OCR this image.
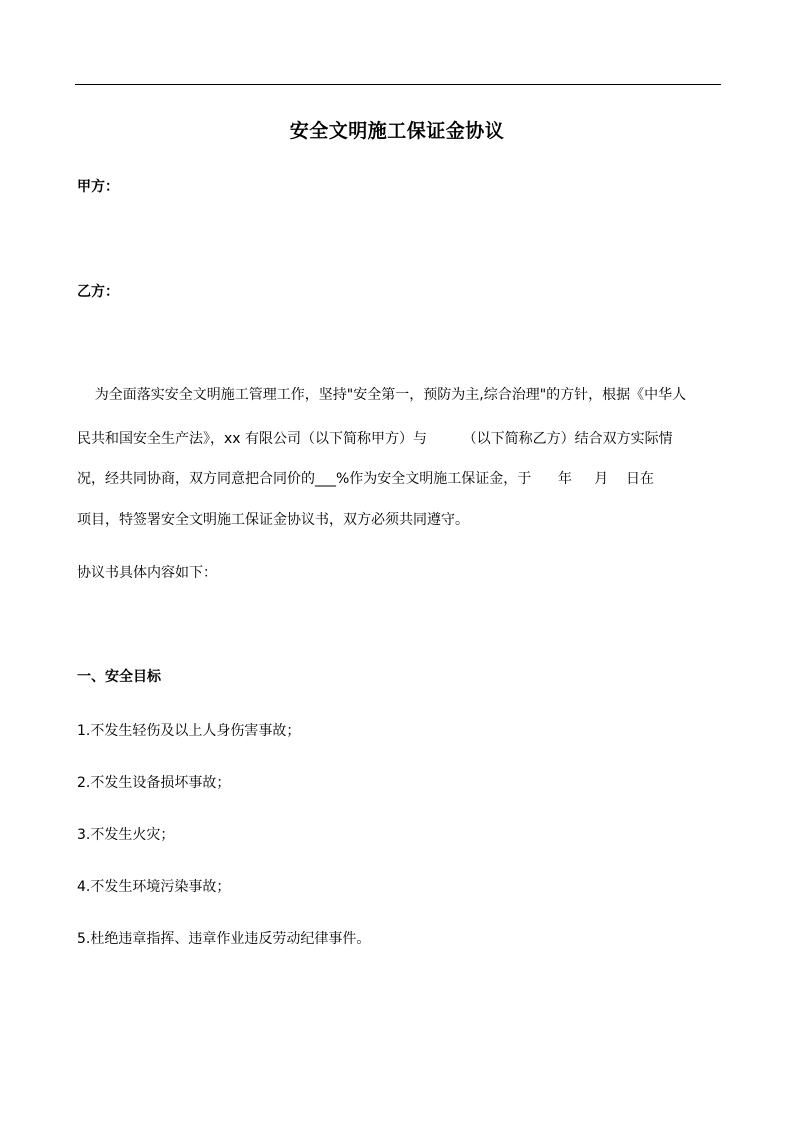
安全文明施工保证金协议
甲方：
乙方：
为全面落实安全文明施工管理工作，坚持"安全第一，预防为主,综合治理"的方针，根据《中华人
民共和国安全生产法》，xx 有限公司（以下简称甲方）与        （以下简称乙方）结合双方实际情
况，经共同协商，双方同意把合同价的___%作为安全文明施工保证金，于      年     月    日在
项目，特签署安全文明施工保证金协议书，双方必须共同遵守。
协议书具体内容如下：
一、安全目标
1.不发生轻伤及以上人身伤害事故；
2.不发生设备损坏事故；
3.不发生火灾；
4.不发生环境污染事故；
5.杜绝违章指挥、违章作业违反劳动纪律事件。
